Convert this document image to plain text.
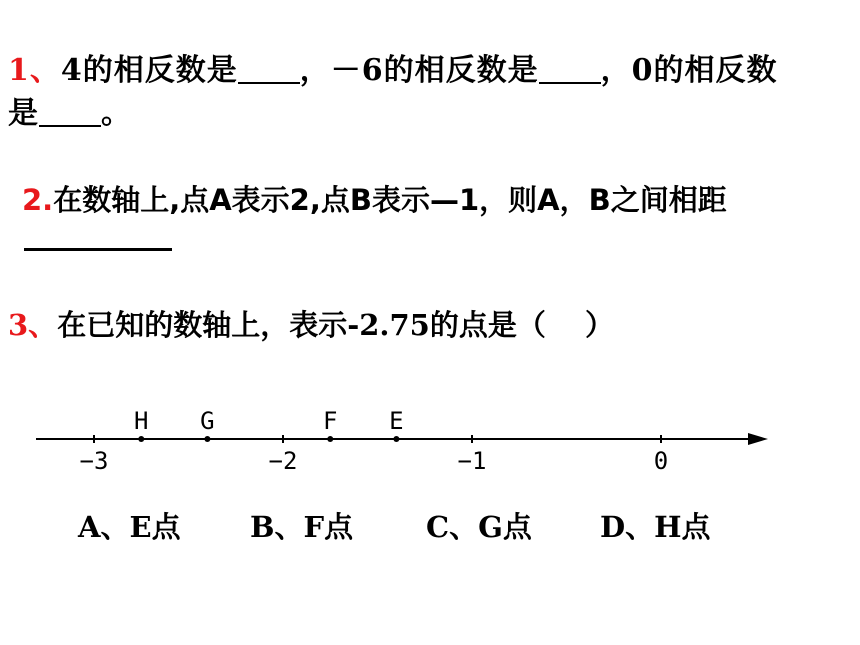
1、4的相反数是 ，－6的相反数是 ，0的相反数
是 。
2.在数轴上,点A表示2,点B表示—1，则A，B之间相距
3、在已知的数轴上，表示-2.75的点是（　 ）
−3	−2	−1	0
H G	F E
A、E点 B、F点	C、G点 D、H点
